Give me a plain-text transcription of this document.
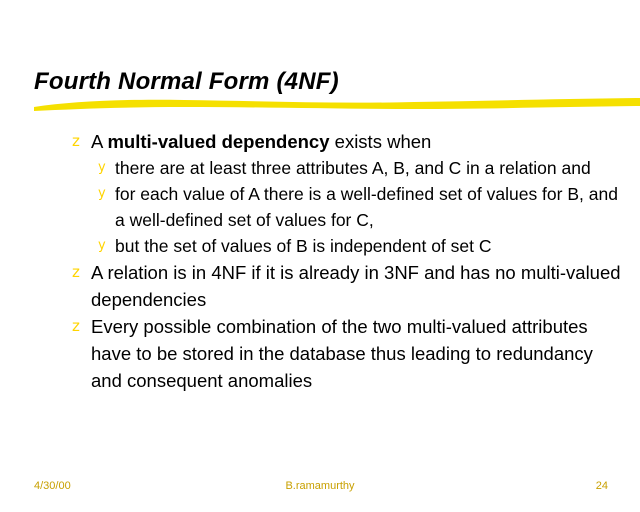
Fourth Normal Form (4NF)
z A multi-valued dependency exists when
y there are at least three attributes A, B, and C in a relation and
y for each value of A there is a well-defined set of values for B, and a well-defined set of values for C,
y but the set of values of B is independent of set C
z A relation is in 4NF if it is already in 3NF and has no multi-valued dependencies
z Every possible combination of the two multi-valued attributes have to be stored in the database thus leading to redundancy and consequent anomalies
4/30/00	B.ramamurthy	24
